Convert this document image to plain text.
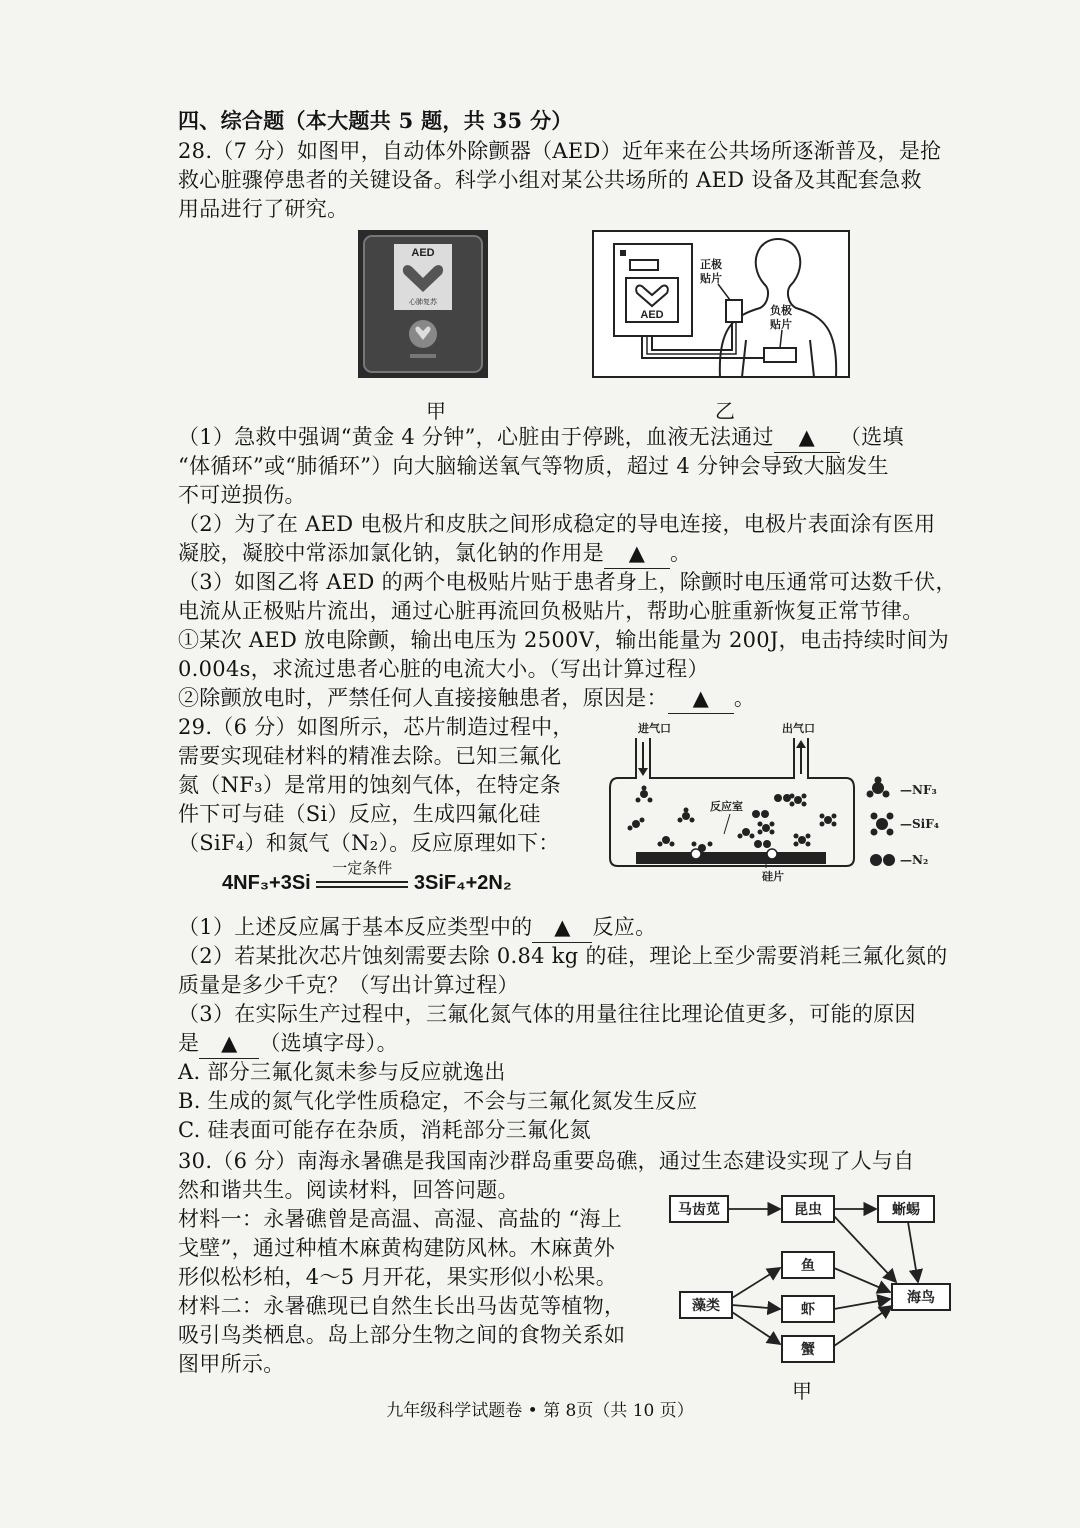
四、综合题（本大题共 5 题，共 35 分）
28.（7 分）如图甲，自动体外除颤器（AED）近年来在公共场所逐渐普及，是抢
救心脏骤停患者的关键设备。科学小组对某公共场所的 AED 设备及其配套急救
用品进行了研究。
AED
心肺复苏
甲
AED
正极
贴片
负极
贴片
乙
（1）急救中强调“黄金 4 分钟”，心脏由于停跳，血液无法通过 ▲ （选填
“体循环”或“肺循环”）向大脑输送氧气等物质，超过 4 分钟会导致大脑发生
不可逆损伤。
（2）为了在 AED 电极片和皮肤之间形成稳定的导电连接，电极片表面涂有医用
凝胶，凝胶中常添加氯化钠，氯化钠的作用是 ▲ 。
（3）如图乙将 AED 的两个电极贴片贴于患者身上，除颤时电压通常可达数千伏，
电流从正极贴片流出，通过心脏再流回负极贴片，帮助心脏重新恢复正常节律。
①某次 AED 放电除颤，输出电压为 2500V，输出能量为 200J，电击持续时间为
0.004s，求流过患者心脏的电流大小。（写出计算过程）
②除颤放电时，严禁任何人直接接触患者，原因是： ▲ 。
29.（6 分）如图所示，芯片制造过程中，
需要实现硅材料的精准去除。已知三氟化
氮（NF₃）是常用的蚀刻气体，在特定条
件下可与硅（Si）反应，生成四氟化硅
（SiF₄）和氮气（N₂）。反应原理如下：
4NF₃+3Si
一定条件
3SiF₄+2N₂
进气口	出气口
反应室
硅片
—NF₃
—SiF₄
—N₂
（1）上述反应属于基本反应类型中的 ▲ 反应。
（2）若某批次芯片蚀刻需要去除 0.84 kg 的硅，理论上至少需要消耗三氟化氮的
质量是多少千克？（写出计算过程）
（3）在实际生产过程中，三氟化氮气体的用量往往比理论值更多，可能的原因
是 ▲ （选填字母）。
A. 部分三氟化氮未参与反应就逸出
B. 生成的氮气化学性质稳定，不会与三氟化氮发生反应
C. 硅表面可能存在杂质，消耗部分三氟化氮
30.（6 分）南海永暑礁是我国南沙群岛重要岛礁，通过生态建设实现了人与自
然和谐共生。阅读材料，回答问题。
材料一：永暑礁曾是高温、高湿、高盐的 “海上
戈壁”，通过种植木麻黄构建防风林。木麻黄外
形似松杉柏，4～5 月开花，果实形似小松果。
材料二：永暑礁现已自然生长出马齿苋等植物，
吸引鸟类栖息。岛上部分生物之间的食物关系如
图甲所示。
马齿苋	昆虫	蜥蜴
鱼
藻类	虾
海鸟
蟹
甲
九年级科学试题卷 • 第 8页（共 10 页）
